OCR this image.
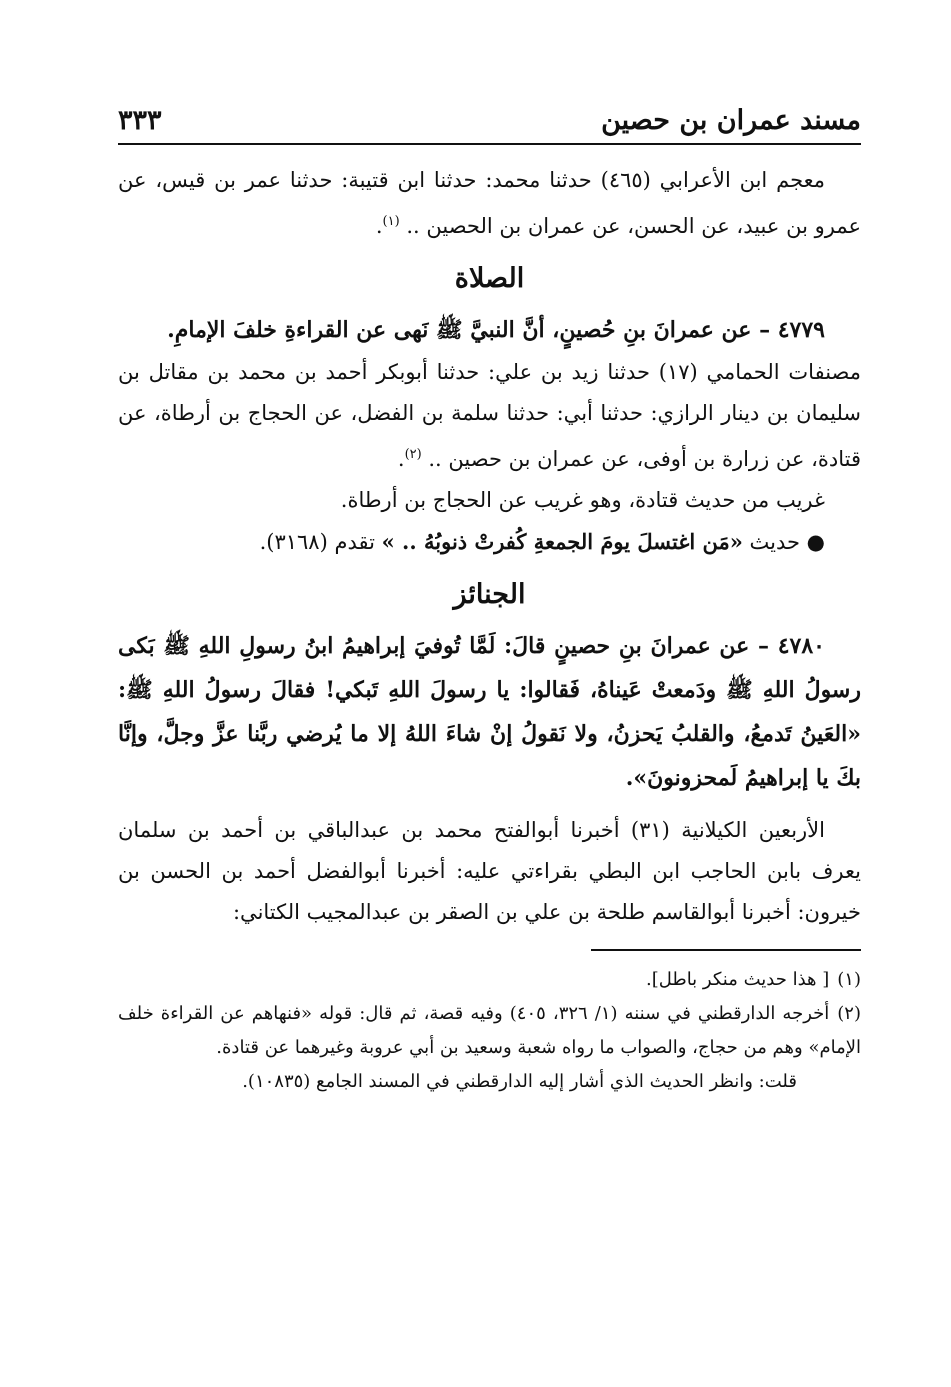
مسند عمران بن حصين
٣٣٣

معجم ابن الأعرابي (٤٦٥) حدثنا محمد: حدثنا ابن قتيبة: حدثنا عمر بن قيس، عن عمرو بن عبيد، عن الحسن، عن عمران بن الحصين .. $^{(١)}$.

الصلاة

٤٧٧٩ – عن عمرانَ بنِ حُصينٍ، أنَّ النبيَّ ﷺ نَهى عن القراءةِ خلفَ الإمامِ.

مصنفات الحمامي (١٧) حدثنا زيد بن علي: حدثنا أبوبكر أحمد بن محمد بن مقاتل بن سليمان بن دينار الرازي: حدثنا أبي: حدثنا سلمة بن الفضل، عن الحجاج بن أرطاة، عن قتادة، عن زرارة بن أوفى، عن عمران بن حصين .. $^{(٢)}$.

غريب من حديث قتادة، وهو غريب عن الحجاج بن أرطاة.

● حديث «مَن اغتسلَ يومَ الجمعةِ كُفرتْ ذنوبُهُ .. » تقدم (٣١٦٨).

الجنائز

٤٧٨٠ – عن عمرانَ بنِ حصينٍ قالَ: لَمَّا تُوفيَ إبراهيمُ ابنُ رسولِ اللهِ ﷺ بَكى رسولُ اللهِ ﷺ ودَمعتْ عَيناهُ، فَقالوا: يا رسولَ اللهِ تَبكي! فقالَ رسولُ اللهِ ﷺ: «العَينُ تَدمعُ، والقلبُ يَحزنُ، ولا نَقولُ إنْ شاءَ اللهُ إلا ما يُرضي ربَّنا عزَّ وجلَّ، وإنَّا بكَ يا إبراهيمُ لَمحزونونَ».

الأربعين الكيلانية (٣١) أخبرنا أبوالفتح محمد بن عبدالباقي بن أحمد بن سلمان يعرف بابن الحاجب ابن البطي بقراءتي عليه: أخبرنا أبوالفضل أحمد بن الحسن بن خيرون: أخبرنا أبوالقاسم طلحة بن علي بن الصقر بن عبدالمجيب الكتاني:

(١)[ هذا حديث منكر باطل].

(٢)أخرجه الدارقطني في سننه (١/ ٣٢٦، ٤٠٥) وفيه قصة، ثم قال: قوله «فنهاهم عن القراءة خلف الإمام» وهم من حجاج، والصواب ما رواه شعبة وسعيد بن أبي عروبة وغيرهما عن قتادة.

قلت: وانظر الحديث الذي أشار إليه الدارقطني في المسند الجامع (١٠٨٣٥).
